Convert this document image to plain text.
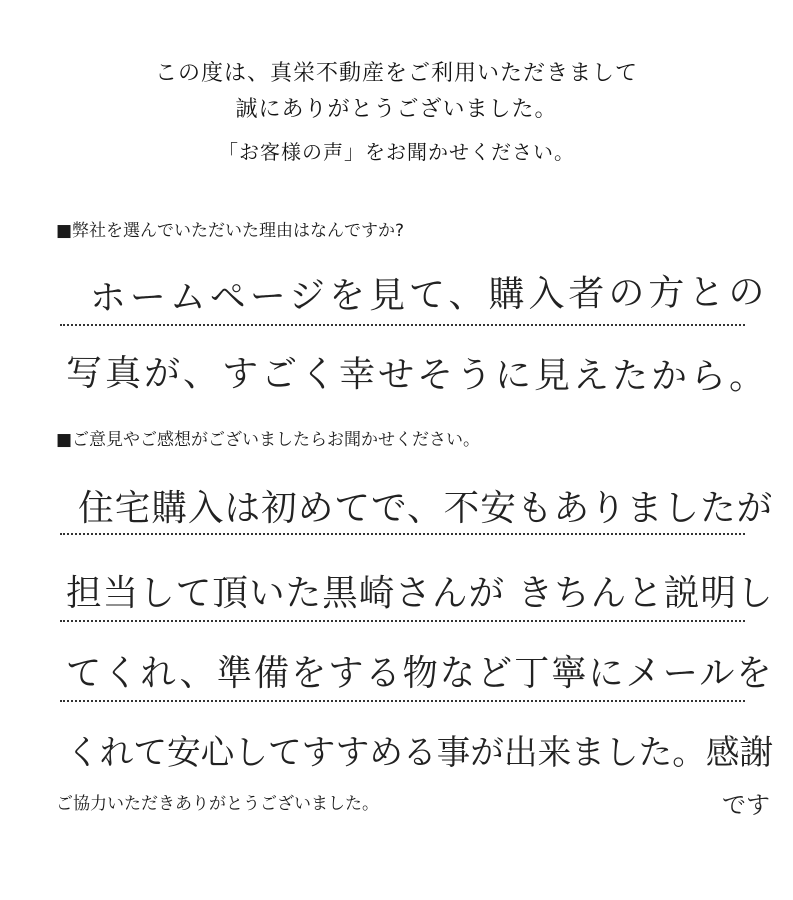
この度は、真栄不動産をご利用いただきまして
誠にありがとうございました。
「お客様の声」をお聞かせください。
■弊社を選んでいただいた理由はなんですか?
ホームページを見て、購入者の方との
写真が、すごく幸せそうに見えたから。
■ご意見やご感想がございましたらお聞かせください。
住宅購入は初めてで、不安もありましたが
担当して頂いた黒崎さんが きちんと説明し
てくれ、準備をする物など丁寧にメールを
くれて安心してすすめる事が出来ました。感謝
です
ご協力いただきありがとうございました。
